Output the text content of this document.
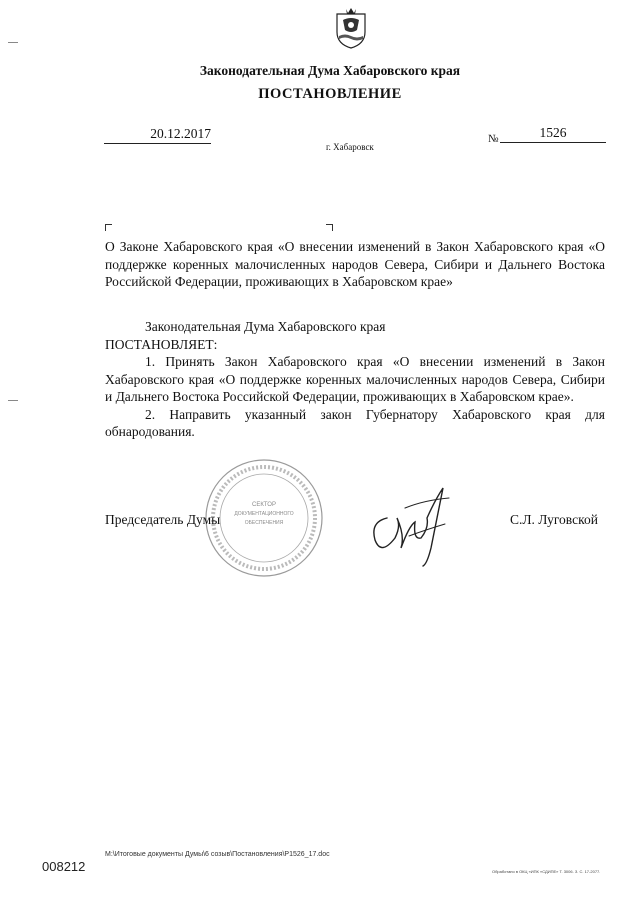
Законодательная Дума Хабаровского края
ПОСТАНОВЛЕНИЕ
20.12.2017
г. Хабаровск
№	1526
О Законе Хабаровского края «О внесении изменений в Закон Хабаровского края «О поддержке коренных малочисленных народов Севера, Сибири и Дальнего Востока Российской Федерации, проживающих в Хабаровском крае»

Законодательная Дума Хабаровского края

ПОСТАНОВЛЯЕТ:

1. Принять Закон Хабаровского края «О внесении изменений в Закон Хабаровского края «О поддержке коренных малочисленных народов Севера, Сибири и Дальнего Востока Российской Федерации, проживающих в Хабаровском крае».

2. Направить указанный закон Губернатору Хабаровского края для обнародования.

СЕКТОР
ДОКУМЕНТАЦИОННОГО
ОБЕСПЕЧЕНИЯ
Председатель Думы	С.Л. Луговской
M:\Итоговые документы Думы\6 созыв\Постановления\P1526_17.doc
008212	Обработано в ОКЦ «ИПК «СДИПЕ» Т. 3006. З. С. 17-2077.
